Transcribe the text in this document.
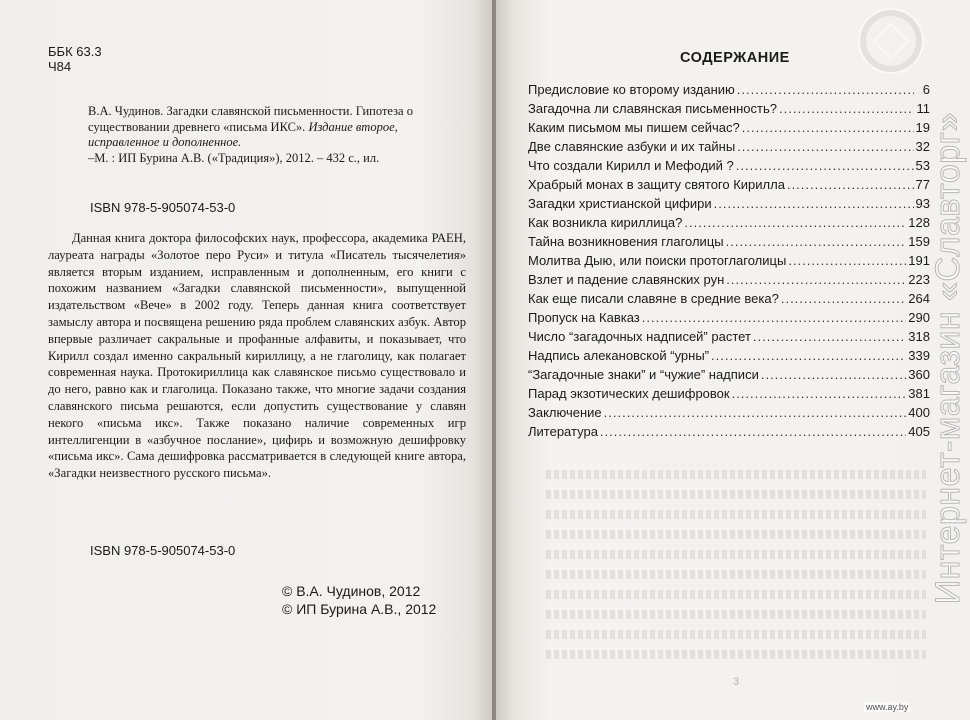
ББК 63.3
Ч84
В.А. Чудинов. Загадки славянской письменности. Гипотеза о существовании древнего «письма ИКС». Издание второе, исправленное и дополненное.
–М. : ИП Бурина А.В. («Традиция»), 2012. – 432 с., ил.
ISBN 978-5-905074-53-0

Данная книга доктора философских наук, профессора, академика РАЕН, лауреата награды «Золотое перо Руси» и титула «Писатель тысячелетия» является вторым изданием, исправленным и дополненным, его книги с похожим названием «Загадки славянской письменности», выпущенной издательством «Вече» в 2002 году. Теперь данная книга соответствует замыслу автора и посвящена решению ряда проблем славянских азбук. Автор впервые различает сакральные и профанные алфавиты, и показывает, что Кирилл создал именно сакральный кириллицу, а не глаголицу, как полагает современная наука. Протокириллица как славянское письмо существовало и до него, равно как и глаголица. Показано также, что многие задачи создания славянского письма решаются, если допустить существование у славян некого «письма икс». Также показано наличие современных игр интеллигенции в «азбучное послание», цифирь и возможную дешифровку «письма икс». Сама дешифровка рассматривается в следующей книге автора, «Загадки неизвестного русского письма».

ISBN 978-5-905074-53-0
© В.А. Чудинов, 2012
© ИП Бурина А.В., 2012
СОДЕРЖАНИЕ
Предисловие ко второму изданию .....	6
Загадочна ли славянская письменность? .....	11
Каким письмом мы пишем сейчас? .....	19
Две славянские азбуки и их тайны .....	32
Что создали Кирилл и Мефодий ? .....	53
Храбрый монах в защиту святого Кирилла .....	77
Загадки христианской цифири .....	93
Как возникла кириллица? .....	128
Тайна возникновения глаголицы .....	159
Молитва Дыю, или поиски протоглаголицы .....	191
Взлет и падение славянских рун .....	223
Как еще писали славяне в средние века? .....	264
Пропуск на Кавказ .....	290
Число “загадочных надписей” растет .....	318
Надпись алекановской “урны” .....	339
“Загадочные знаки” и “чужие” надписи .....	360
Парад экзотических дешифровок .....	381
Заключение .....	400
Литература .....	405
3
Интернет-магазин «Славторг»
www.ay.by
